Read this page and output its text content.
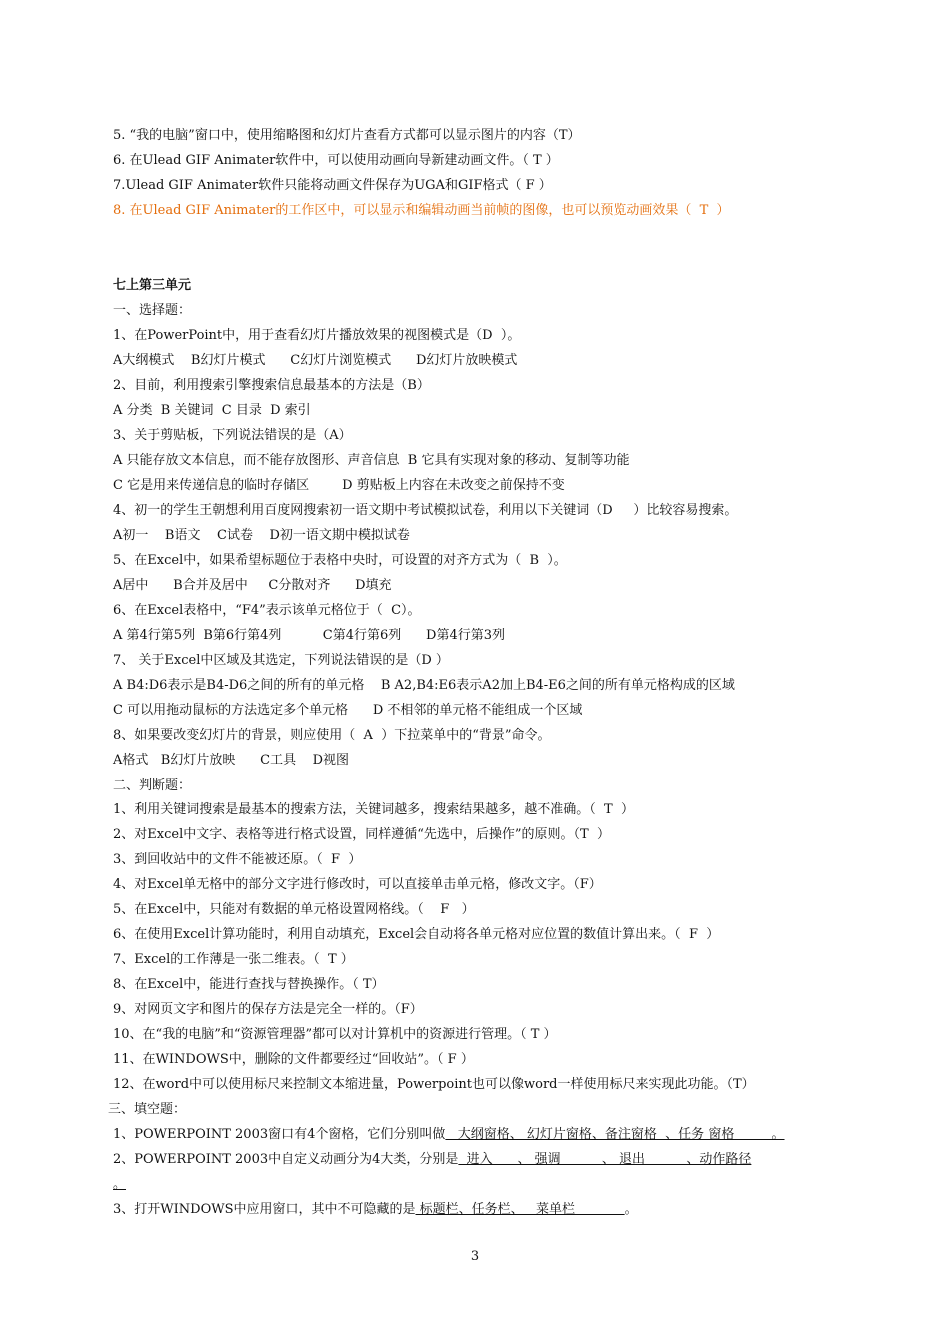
5. “我的电脑”窗口中，使用缩略图和幻灯片查看方式都可以显示图片的内容（T）
6. 在Ulead GIF Animater软件中，可以使用动画向导新建动画文件。（ T ）
7.Ulead GIF Animater软件只能将动画文件保存为UGA和GIF格式（ F ）
8. 在Ulead GIF Animater的工作区中，可以显示和编辑动画当前帧的图像，也可以预览动画效果（  T  ）
七上第三单元
一、选择题：
1、在PowerPoint中，用于查看幻灯片播放效果的视图模式是（D  ）。
A大纲模式    B幻灯片模式      C幻灯片浏览模式      D幻灯片放映模式
2、目前，利用搜索引擎搜索信息最基本的方法是（B）
A 分类  B 关键词  C 目录  D 索引
3、关于剪贴板，下列说法错误的是（A）
A 只能存放文本信息，而不能存放图形、声音信息  B 它具有实现对象的移动、复制等功能
C 它是用来传递信息的临时存储区        D 剪贴板上内容在未改变之前保持不变
4、初一的学生王朝想利用百度网搜索初一语文期中考试模拟试卷，利用以下关键词（D     ）比较容易搜索。
A初一    B语文    C试卷    D初一语文期中模拟试卷
5、在Excel中，如果希望标题位于表格中央时，可设置的对齐方式为（  B  ）。
A居中      B合并及居中     C分散对齐      D填充
6、在Excel表格中，“F4”表示该单元格位于（  C）。
A 第4行第5列  B第6行第4列          C第4行第6列      D第4行第3列
7、 关于Excel中区域及其选定，下列说法错误的是（D ）
A B4:D6表示是B4-D6之间的所有的单元格    B A2,B4:E6表示A2加上B4-E6之间的所有单元格构成的区域
C 可以用拖动鼠标的方法选定多个单元格      D 不相邻的单元格不能组成一个区域
8、如果要改变幻灯片的背景，则应使用（  A  ）下拉菜单中的“背景”命令。
A格式   B幻灯片放映      C工具    D视图
二、判断题：
1、利用关键词搜索是最基本的搜索方法，关键词越多，搜索结果越多，越不准确。（  T  ）
2、对Excel中文字、表格等进行格式设置，同样遵循“先选中，后操作”的原则。（T  ）
3、到回收站中的文件不能被还原。（  F  ）
4、对Excel单无格中的部分文字进行修改时，可以直接单击单元格，修改文字。（F）
5、在Excel中，只能对有数据的单元格设置网格线。（    F   ）
6、在使用Excel计算功能时，利用自动填充，Excel会自动将各单元格对应位置的数值计算出来。（  F  ）
7、Excel的工作薄是一张二维表。（  T ）
8、在Excel中，能进行查找与替换操作。（ T）
9、对网页文字和图片的保存方法是完全一样的。（F）
10、在“我的电脑”和“资源管理器”都可以对计算机中的资源进行管理。（ T ）
11、在WINDOWS中，删除的文件都要经过“回收站”。（ F ）
12、在word中可以使用标尺来控制文本缩进量，Powerpoint也可以像word一样使用标尺来实现此功能。（T）
三、填空题：
1、POWERPOINT 2003窗口有4个窗格，它们分别叫做   大纲窗格、 幻灯片窗格、备注窗格  、任务 窗格         。
2、POWERPOINT 2003中自定义动画分为4大类，分别是  进入      、 强调          、 退出          、动作路径
。
3、打开WINDOWS中应用窗口，其中不可隐藏的是 标题栏、任务栏、   菜单栏            。
3
